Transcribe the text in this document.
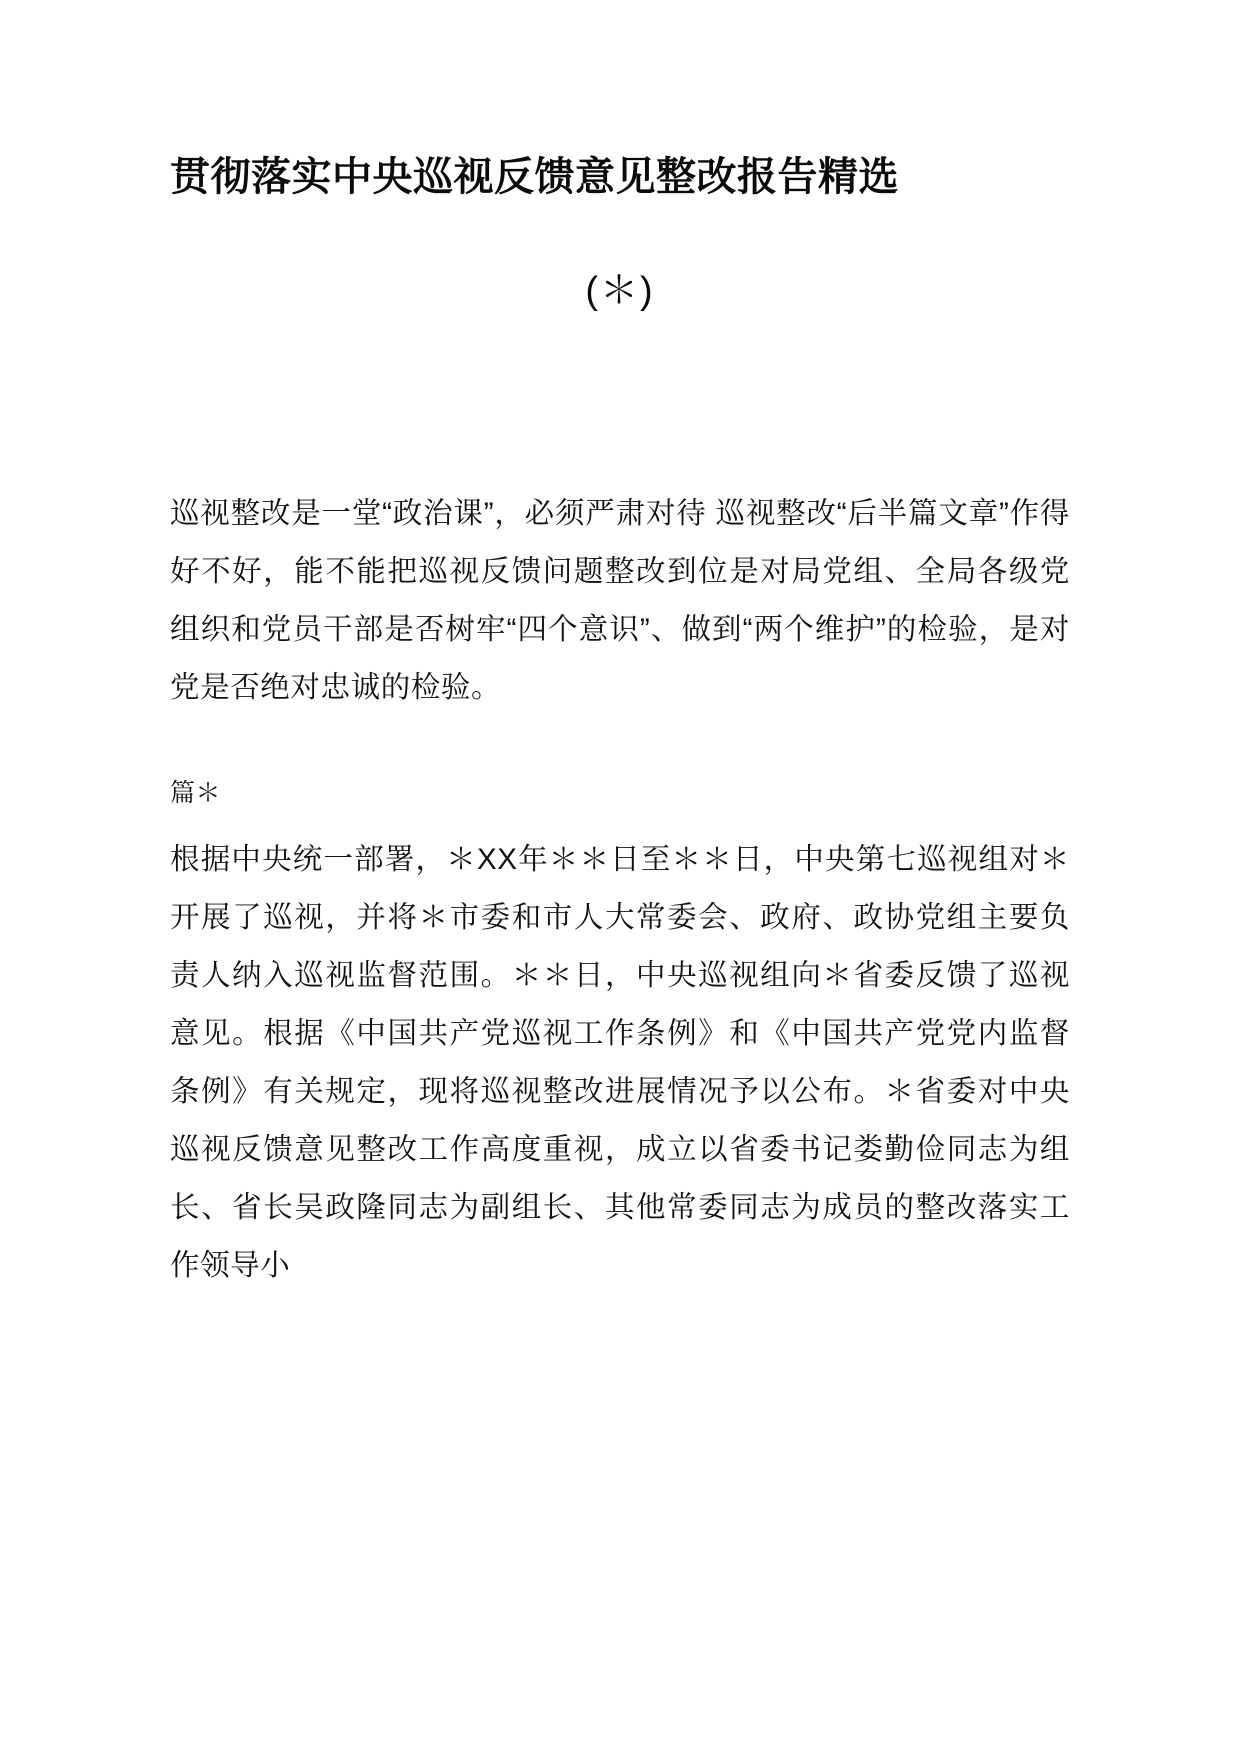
贯彻落实中央巡视反馈意见整改报告精选
(＊)

巡视整改是一堂“政治课”，必须严肃对待 巡视整改“后半篇文章”作得好不好，能不能把巡视反馈问题整改到位是对局党组、全局各级党组织和党员干部是否树牢“四个意识”、做到“两个维护”的检验，是对党是否绝对忠诚的检验。

篇＊

根据中央统一部署，＊XX年＊＊日至＊＊日，中央第七巡视组对＊开展了巡视，并将＊市委和市人大常委会、政府、政协党组主要负责人纳入巡视监督范围。＊＊日，中央巡视组向＊省委反馈了巡视意见。根据《中国共产党巡视工作条例》和《中国共产党党内监督条例》有关规定，现将巡视整改进展情况予以公布。＊省委对中央巡视反馈意见整改工作高度重视，成立以省委书记娄勤俭同志为组长、省长吴政隆同志为副组长、其他常委同志为成员的整改落实工作领导小
